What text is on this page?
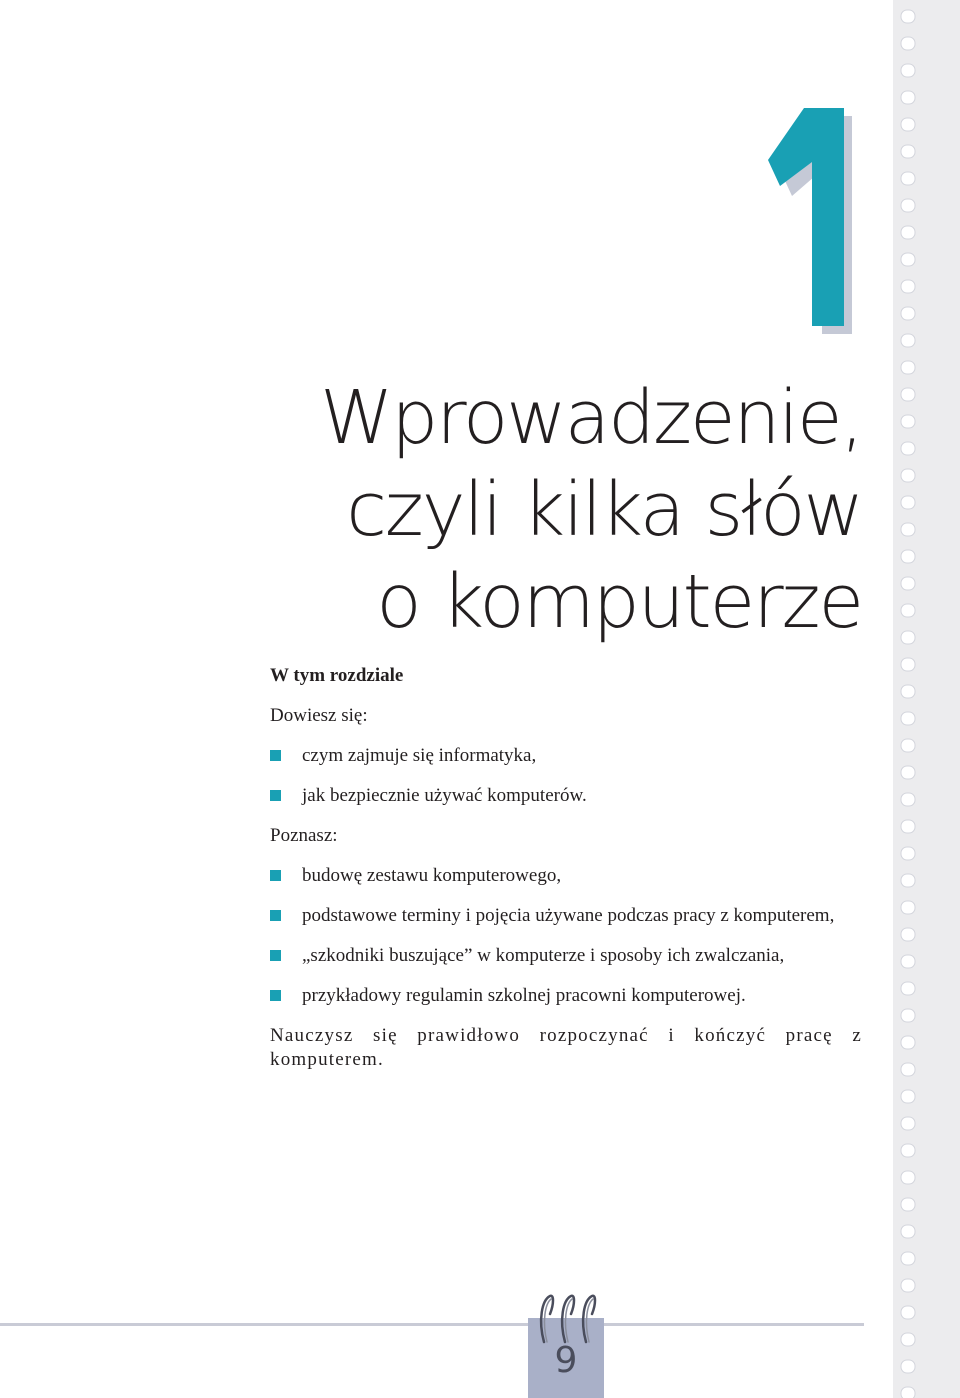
Wprowadzenie,
czyli kilka słów
o komputerze

W tym rozdziale

Dowiesz się:

czym zajmuje się informatyka,
jak bezpiecznie używać komputerów.

Poznasz:

budowę zestawu komputerowego,
podstawowe terminy i pojęcia używane podczas pracy z komputerem,
„szkodniki buszujące” w komputerze i sposoby ich zwalczania,
przykładowy regulamin szkolnej pracowni komputerowej.

Nauczysz się prawidłowo rozpoczynać i kończyć pracę z komputerem.

9
